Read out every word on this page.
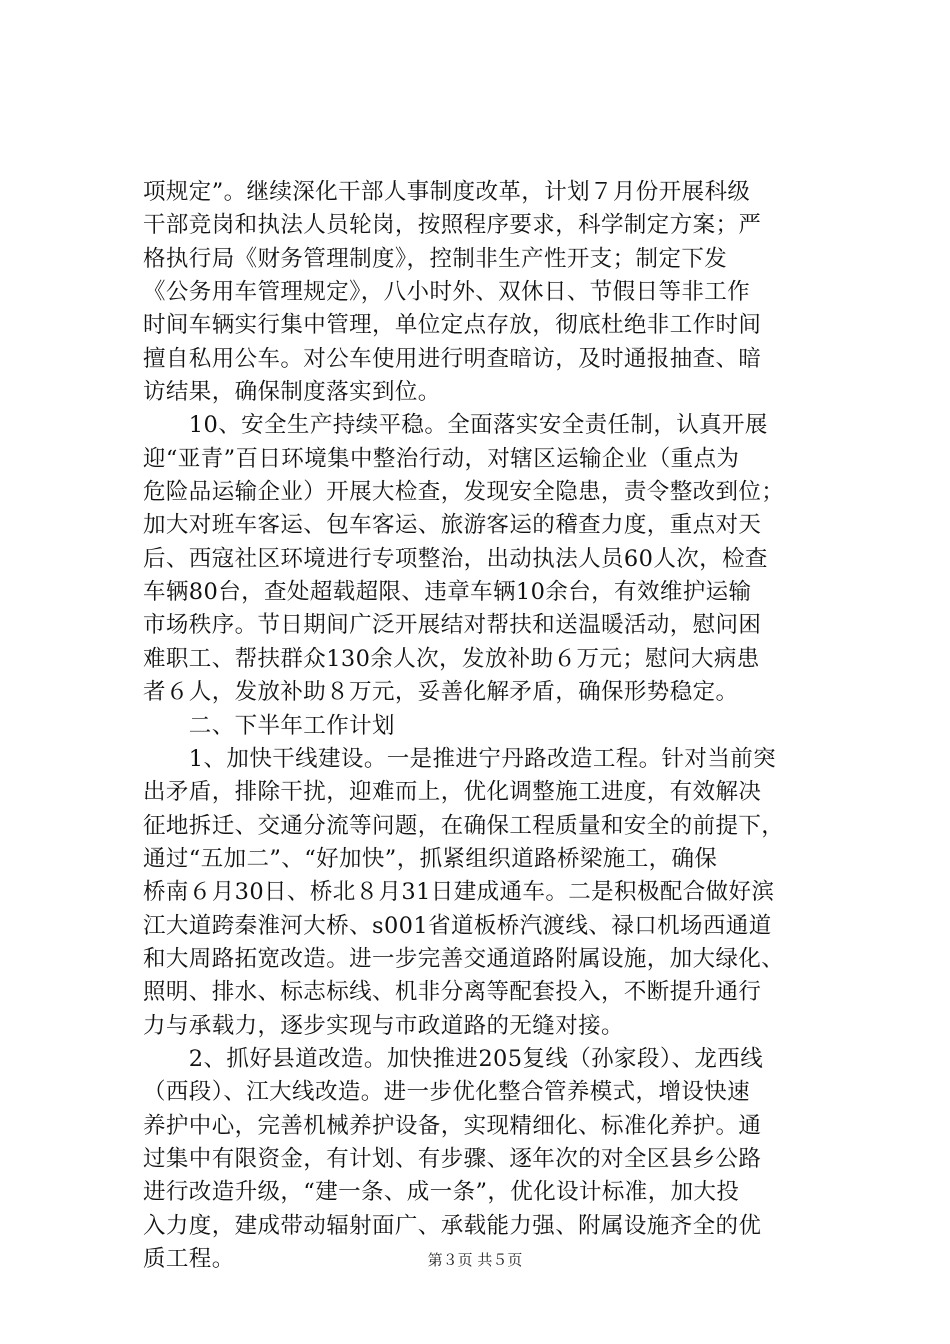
项规定”。继续深化干部人事制度改革，计划７月份开展科级
干部竞岗和执法人员轮岗，按照程序要求，科学制定方案；严
格执行局《财务管理制度》，控制非生产性开支；制定下发
《公务用车管理规定》，八小时外、双休日、节假日等非工作
时间车辆实行集中管理，单位定点存放，彻底杜绝非工作时间
擅自私用公车。对公车使用进行明查暗访，及时通报抽查、暗
访结果，确保制度落实到位。
　　10、安全生产持续平稳。全面落实安全责任制，认真开展
迎“亚青”百日环境集中整治行动，对辖区运输企业（重点为
危险品运输企业）开展大检查，发现安全隐患，责令整改到位；
加大对班车客运、包车客运、旅游客运的稽查力度，重点对天
后、西寇社区环境进行专项整治，出动执法人员60人次，检查
车辆80台，查处超载超限、违章车辆10余台，有效维护运输
市场秩序。节日期间广泛开展结对帮扶和送温暖活动，慰问困
难职工、帮扶群众130余人次，发放补助６万元；慰问大病患
者６人，发放补助８万元，妥善化解矛盾，确保形势稳定。
　　二、下半年工作计划
　　1、加快干线建设。一是推进宁丹路改造工程。针对当前突
出矛盾，排除干扰，迎难而上，优化调整施工进度，有效解决
征地拆迁、交通分流等问题，在确保工程质量和安全的前提下，
通过“五加二”、“好加快”，抓紧组织道路桥梁施工，确保
桥南６月30日、桥北８月31日建成通车。二是积极配合做好滨
江大道跨秦淮河大桥、s001省道板桥汽渡线、禄口机场西通道
和大周路拓宽改造。进一步完善交通道路附属设施，加大绿化、
照明、排水、标志标线、机非分离等配套投入，不断提升通行
力与承载力，逐步实现与市政道路的无缝对接。
　　2、抓好县道改造。加快推进205复线（孙家段）、龙西线
（西段）、江大线改造。进一步优化整合管养模式，增设快速
养护中心，完善机械养护设备，实现精细化、标准化养护。通
过集中有限资金，有计划、有步骤、逐年次的对全区县乡公路
进行改造升级，“建一条、成一条”，优化设计标准，加大投
入力度，建成带动辐射面广、承载能力强、附属设施齐全的优
质工程。	第３页 共５页
